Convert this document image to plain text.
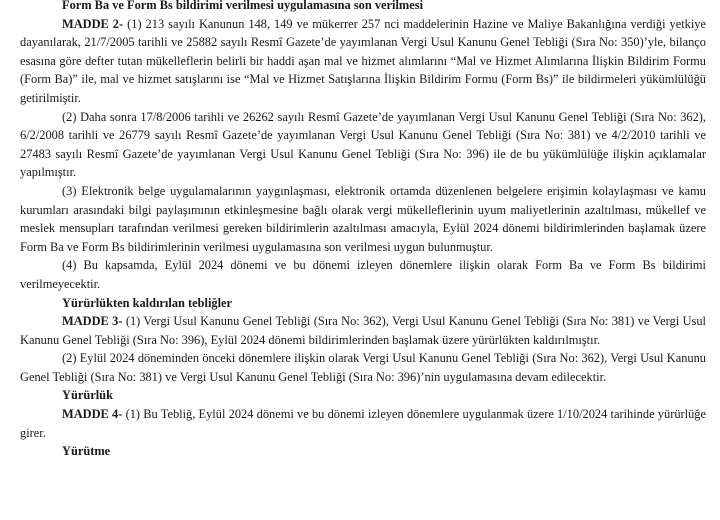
Form Ba ve Form Bs bildirimi verilmesi uygulamasına son verilmesi

MADDE 2- (1) 213 sayılı Kanunun 148, 149 ve mükerrer 257 nci maddelerinin Hazine ve Maliye Bakanlığına verdiği yetkiye dayanılarak, 21/7/2005 tarihli ve 25882 sayılı Resmî Gazete’de yayımlanan Vergi Usul Kanunu Genel Tebliği (Sıra No: 350)’yle, bilanço esasına göre defter tutan mükelleflerin belirli bir haddi aşan mal ve hizmet alımlarını “Mal ve Hizmet Alımlarına İlişkin Bildirim Formu (Form Ba)” ile, mal ve hizmet satışlarını ise “Mal ve Hizmet Satışlarına İlişkin Bildirim Formu (Form Bs)” ile bildirmeleri yükümlülüğü getirilmiştir.

(2) Daha sonra 17/8/2006 tarihli ve 26262 sayılı Resmî Gazete’de yayımlanan Vergi Usul Kanunu Genel Tebliği (Sıra No: 362), 6/2/2008 tarihli ve 26779 sayılı Resmî Gazete’de yayımlanan Vergi Usul Kanunu Genel Tebliği (Sıra No: 381) ve 4/2/2010 tarihli ve 27483 sayılı Resmî Gazete’de yayımlanan Vergi Usul Kanunu Genel Tebliği (Sıra No: 396) ile de bu yükümlülüğe ilişkin açıklamalar yapılmıştır.

(3) Elektronik belge uygulamalarının yaygınlaşması, elektronik ortamda düzenlenen belgelere erişimin kolaylaşması ve kamu kurumları arasındaki bilgi paylaşımının etkinleşmesine bağlı olarak vergi mükelleflerinin uyum maliyetlerinin azaltılması, mükellef ve meslek mensupları tarafından verilmesi gereken bildirimlerin azaltılması amacıyla, Eylül 2024 dönemi bildirimlerinden başlamak üzere Form Ba ve Form Bs bildirimlerinin verilmesi uygulamasına son verilmesi uygun bulunmuştur.

(4) Bu kapsamda, Eylül 2024 dönemi ve bu dönemi izleyen dönemlere ilişkin olarak Form Ba ve Form Bs bildirimi verilmeyecektir.

Yürürlükten kaldırılan tebliğler

MADDE 3- (1) Vergi Usul Kanunu Genel Tebliği (Sıra No: 362), Vergi Usul Kanunu Genel Tebliği (Sıra No: 381) ve Vergi Usul Kanunu Genel Tebliği (Sıra No: 396), Eylül 2024 dönemi bildirimlerinden başlamak üzere yürürlükten kaldırılmıştır.

(2) Eylül 2024 döneminden önceki dönemlere ilişkin olarak Vergi Usul Kanunu Genel Tebliği (Sıra No: 362), Vergi Usul Kanunu Genel Tebliği (Sıra No: 381) ve Vergi Usul Kanunu Genel Tebliği (Sıra No: 396)’nin uygulamasına devam edilecektir.

Yürürlük

MADDE 4- (1) Bu Tebliğ, Eylül 2024 dönemi ve bu dönemi izleyen dönemlere uygulanmak üzere 1/10/2024 tarihinde yürürlüğe girer.

Yürütme
